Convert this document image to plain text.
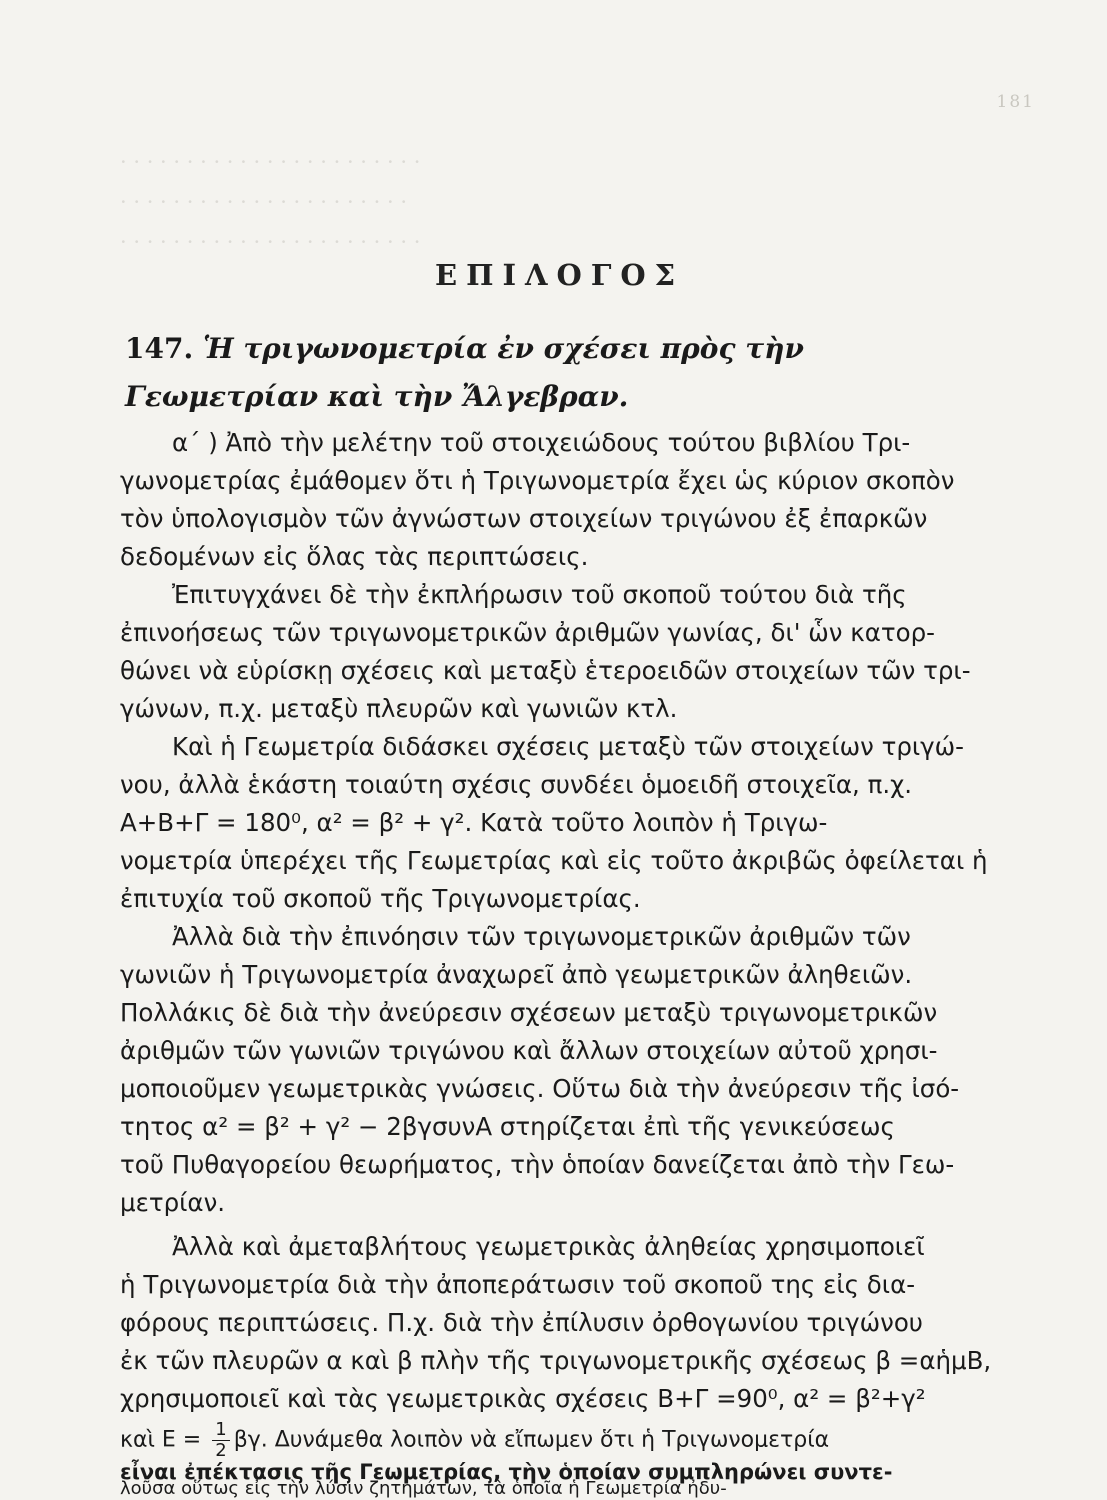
181
· · · · · · · · · · · · · · · · · · · · · · ·
· · · · · · · · · · · · · · · · · · · · · ·
· · · · · · · · · · · · · · · · · · · · · · ·
ΕΠΙΛΟΓΟΣ
147. Ἡ τριγωνομετρία ἐν σχέσει πρὸς τὴν Γεωμετρίαν καὶ τὴν Ἄλγεβραν.
α΄ ) Ἀπὸ τὴν μελέτην τοῦ στοιχειώδους τούτου βιβλίου Τρι-
γωνομετρίας ἐμάθομεν ὅτι ἡ Τριγωνομετρία ἔχει ὡς κύριον σκοπὸν
τὸν ὑπολογισμὸν τῶν ἀγνώστων στοιχείων τριγώνου ἐξ ἐπαρκῶν
δεδομένων εἰς ὅλας τὰς περιπτώσεις.
Ἐπιτυγχάνει δὲ τὴν ἐκπλήρωσιν τοῦ σκοποῦ τούτου διὰ τῆς
ἐπινοήσεως τῶν τριγωνομετρικῶν ἀριθμῶν γωνίας, δι' ὧν κατορ-
θώνει νὰ εὑρίσκῃ σχέσεις καὶ μεταξὺ ἑτεροειδῶν στοιχείων τῶν τρι-
γώνων, π.χ. μεταξὺ πλευρῶν καὶ γωνιῶν κτλ.
Καὶ ἡ Γεωμετρία διδάσκει σχέσεις μεταξὺ τῶν στοιχείων τριγώ-
νου, ἀλλὰ ἑκάστη τοιαύτη σχέσις συνδέει ὁμοειδῆ στοιχεῖα, π.χ.
Α+Β+Γ = 180⁰, α² = β² + γ². Κατὰ τοῦτο λοιπὸν ἡ Τριγω-
νομετρία ὑπερέχει τῆς Γεωμετρίας καὶ εἰς τοῦτο ἀκριβῶς ὀφείλεται ἡ
ἐπιτυχία τοῦ σκοποῦ τῆς Τριγωνομετρίας.
Ἀλλὰ διὰ τὴν ἐπινόησιν τῶν τριγωνομετρικῶν ἀριθμῶν τῶν
γωνιῶν ἡ Τριγωνομετρία ἀναχωρεῖ ἀπὸ γεωμετρικῶν ἀληθειῶν.
Πολλάκις δὲ διὰ τὴν ἀνεύρεσιν σχέσεων μεταξὺ τριγωνομετρικῶν
ἀριθμῶν τῶν γωνιῶν τριγώνου καὶ ἄλλων στοιχείων αὐτοῦ χρησι-
μοποιοῦμεν γεωμετρικὰς γνώσεις. Οὕτω διὰ τὴν ἀνεύρεσιν τῆς ἰσό-
τητος α² = β² + γ² − 2βγσυνΑ στηρίζεται ἐπὶ τῆς γενικεύσεως
τοῦ Πυθαγορείου θεωρήματος, τὴν ὁποίαν δανείζεται ἀπὸ τὴν Γεω-
μετρίαν.
Ἀλλὰ καὶ ἀμεταβλήτους γεωμετρικὰς ἀληθείας χρησιμοποιεῖ
ἡ Τριγωνομετρία διὰ τὴν ἀποπεράτωσιν τοῦ σκοποῦ της εἰς δια-
φόρους περιπτώσεις. Π.χ. διὰ τὴν ἐπίλυσιν ὀρθογωνίου τριγώνου
ἐκ τῶν πλευρῶν α καὶ β πλὴν τῆς τριγωνομετρικῆς σχέσεως β =αἡμΒ,
χρησιμοποιεῖ καὶ τὰς γεωμετρικὰς σχέσεις Β+Γ =90⁰, α² = β²+γ²
καὶ $E = \frac{1}{2} \beta\gamma$. Δυνάμεθα λοιπὸν νὰ εἴπωμεν ὅτι ἡ Τριγωνομετρία
εἶναι ἐπέκτασις τῆς Γεωμετρίας, τὴν ὁποίαν συμπληρώνει συντε-
λοῦσα οὕτως εἰς τὴν λύσιν ζητημάτων, τὰ ὁποῖα ἡ Γεωμετρία ἠδυ-
